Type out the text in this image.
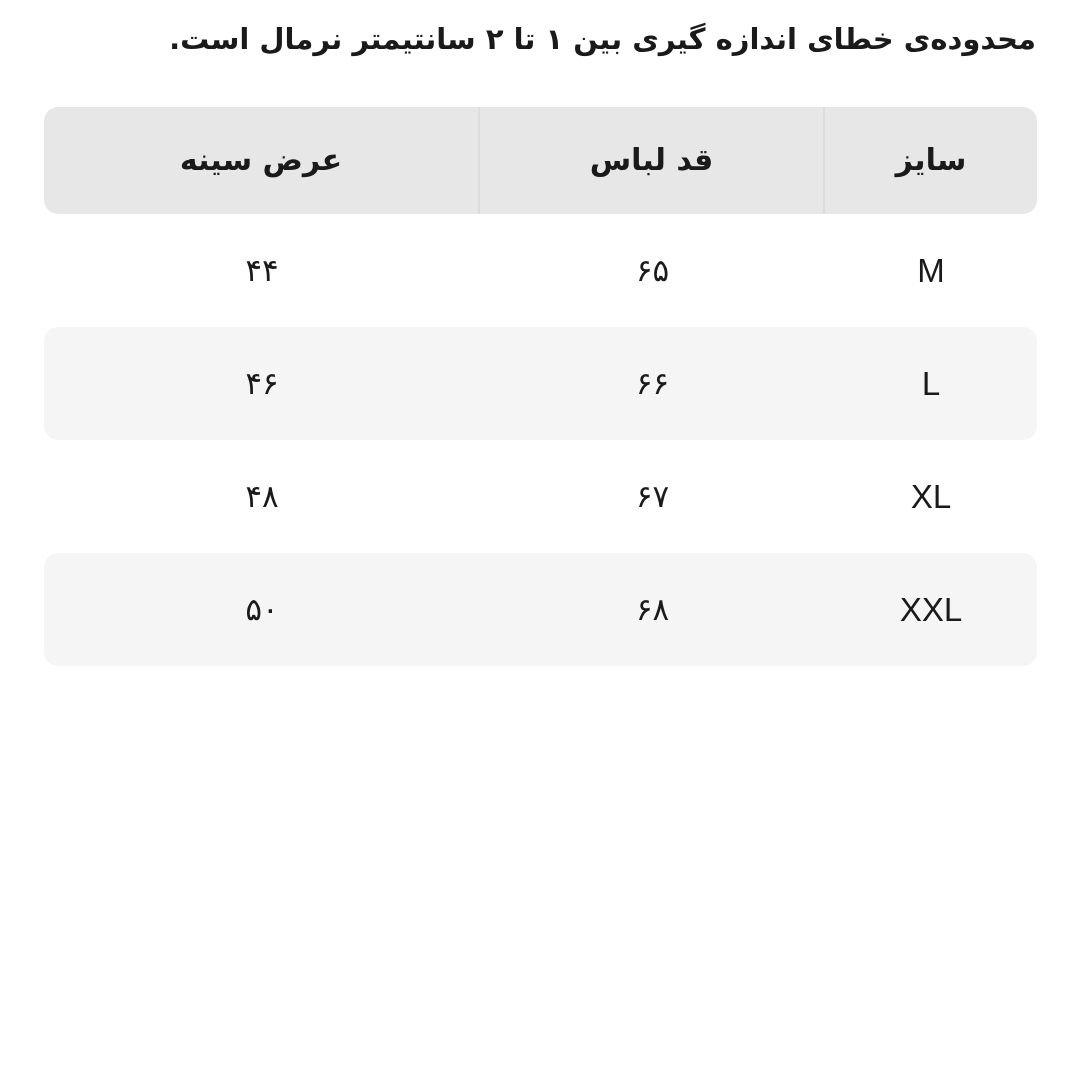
محدوده‌ی خطای اندازه گیری بین ۱ تا ۲ سانتیمتر نرمال است.

سایز	قد لباس	عرض سینه
M	۶۵	۴۴
L	۶۶	۴۶
XL	۶۷	۴۸
XXL	۶۸	۵۰
